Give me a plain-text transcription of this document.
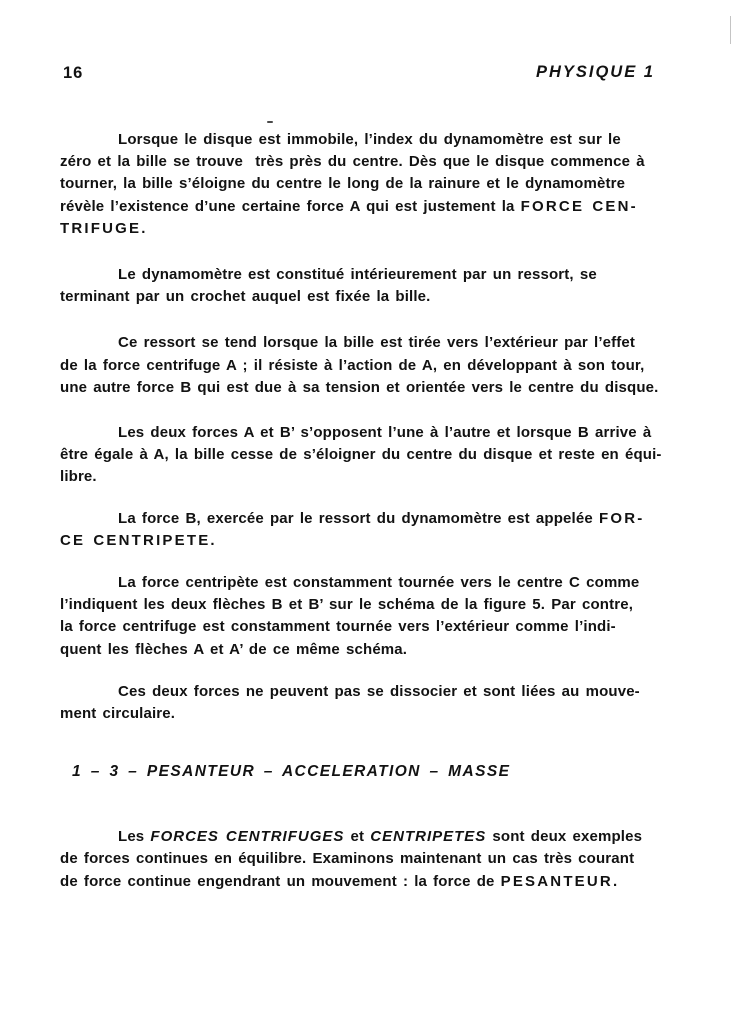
16	PHYSIQUE 1
Lorsque le disque est immobile, l’index du dynamomètre est sur le
zéro et la bille se trouve  très près du centre. Dès que le disque commence à
tourner, la bille s’éloigne du centre le long de la rainure et le dynamomètre
révèle l’existence d’une certaine force A qui est justement la FORCE CEN-
TRIFUGE.
Le dynamomètre est constitué intérieurement par un ressort, se
terminant par un crochet auquel est fixée la bille.
Ce ressort se tend lorsque la bille est tirée vers l’extérieur par l’effet
de la force centrifuge A ; il résiste à l’action de A, en développant à son tour,
une autre force B qui est due à sa tension et orientée vers le centre du disque.
Les deux forces A et B’ s’opposent l’une à l’autre et lorsque B arrive à
être égale à A, la bille cesse de s’éloigner du centre du disque et reste en équi-
libre.
La force B, exercée par le ressort du dynamomètre est appelée FOR-
CE CENTRIPETE.
La force centripète est constamment tournée vers le centre C comme
l’indiquent les deux flèches B et B’ sur le schéma de la figure 5. Par contre,
la force centrifuge est constamment tournée vers l’extérieur comme l’indi-
quent les flèches A et A’ de ce même schéma.
Ces deux forces ne peuvent pas se dissocier et sont liées au mouve-
ment circulaire.
1 – 3 – PESANTEUR – ACCELERATION – MASSE
Les FORCES CENTRIFUGES et CENTRIPETES sont deux exemples
de forces continues en équilibre. Examinons maintenant un cas très courant
de force continue engendrant un mouvement : la force de PESANTEUR.
